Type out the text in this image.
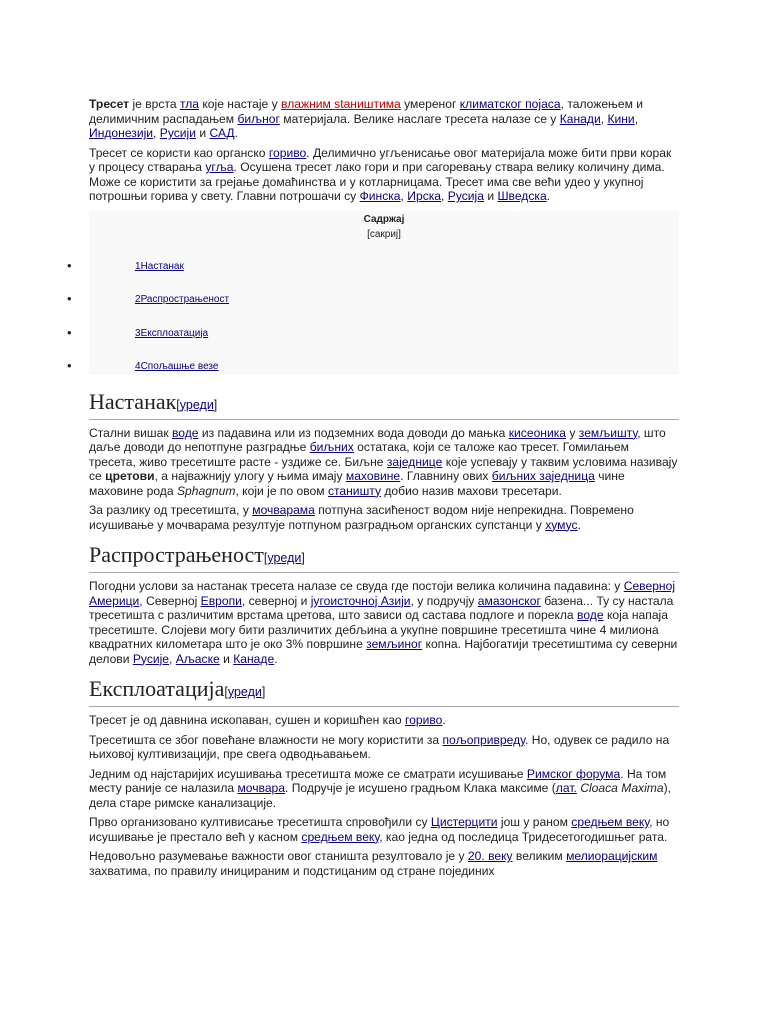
Тресет је врста тла које настаје у влажним staништима умереног климатског појаса, таложењем и делимичним распадањем биљног материјала. Велике наслаге тресета налазе се у Канади, Кини, Индонезији, Русији и САД.

Тресет се користи као органско гориво. Делимично угљенисање овог материјала може бити први корак у процесу стварања угља. Осушена тресет лако гори и при сагоревању ствара велику количину дима. Може се користити за грејање домаћинства и у котларницама. Тресет има све већи удео у укупној потрошњи горива у свету. Главни потрошачи су Финска, Ирска, Русија и Шведска.

Садржај
[сакриј]
•	1Настанак
•	2Распрострањеност
•	3Експлоатација
•	4Спољашње везе
Настанак[уреди]

Стални вишак воде из падавина или из подземних вода доводи до мањка кисеоника у земљишту, што даље доводи до непотпуне разградње биљних остатака, који се таложе као тресет. Гомилањем тресета, живо тресетиште расте - уздиже се. Биљне заједнице које успевају у таквим условима називају се цретови, а најважнију улогу у њима имају маховине. Главнину ових биљних заједница чине маховине рода Sphagnum, који је по овом станишту добио назив махови тресетари.

За разлику од тресетишта, у мочварама потпуна засићеност водом није непрекидна. Повремено исушивање у мочварама резултује потпуном разградњом органских супстанци у хумус.

Распрострањеност[уреди]

Погодни услови за настанак тресета налазе се свуда где постоји велика количина падавина: у Северној Америци, Северној Европи, северној и југоисточној Азији, у подручју амазонског базена... Ту су настала тресетишта с различитим врстама цретова, што зависи од састава подлоге и порекла воде која напаја тресетиште. Слојеви могу бити различитих дебљина а укупне површине тресетишта чине 4 милиона квадратних километара што је око 3% површине земљиног копна. Најбогатији тресетиштима су северни делови Русије, Аљаске и Канаде.

Експлоатација[уреди]

Тресет је од давнина ископаван, сушен и коришћен као гориво.

Тресетишта се због повећане влажности не могу користити за пољопривреду. Но, одувек се радило на њиховој култивизацији, пре свега одводњавањем.

Једним од најстаријих исушивања тресетишта може се сматрати исушивање Римског форума. На том месту раније се налазила мочвара. Подручје је исушено градњом Клака максиме (лат. Cloaca Maxima), дела старе римске канализације.

Прво организовано култивисање тресетишта спровођили су Цистерцити још у раном средњем веку, но исушивање је престало већ у касном средњем веку, као једна од последица Тридесетогодишњег рата.

Недовољно разумевање важности овог станишта резултовало је у 20. веку великим мелиорацијским захватима, по правилу иницираним и подстицаним од стране појединих
